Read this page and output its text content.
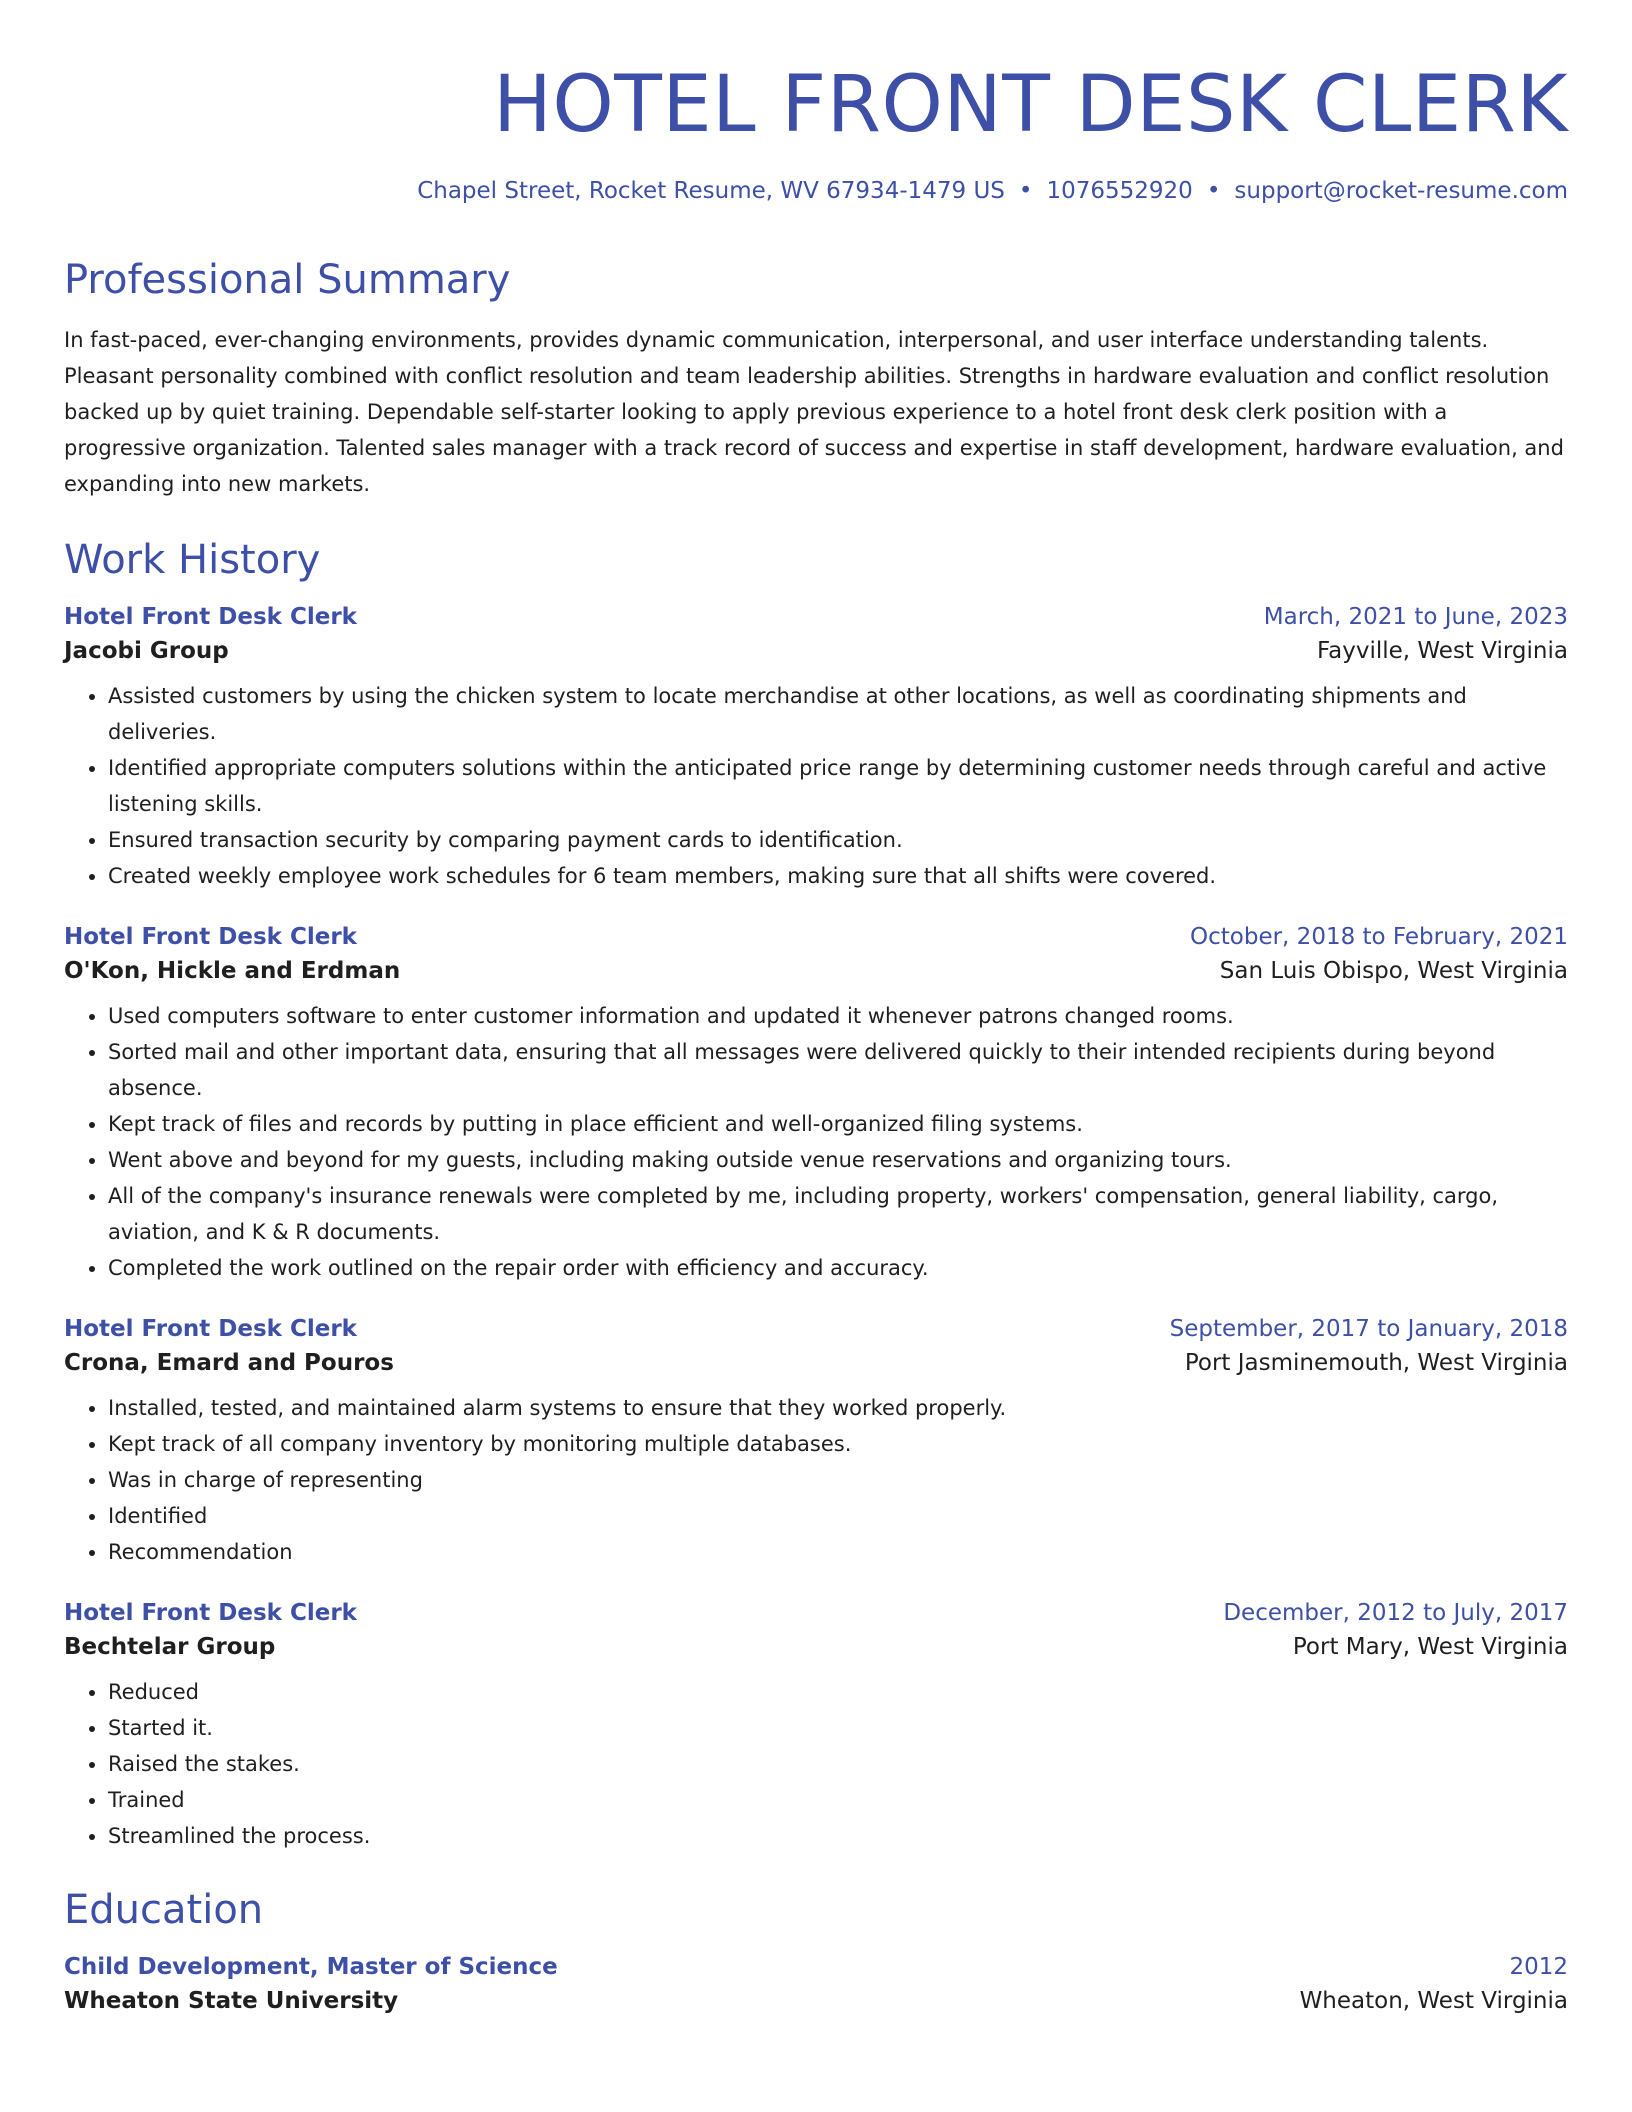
HOTEL FRONT DESK CLERK
Chapel Street, Rocket Resume, WV 67934-1479 US • 1076552920 • support@rocket-resume.com
Professional Summary

In fast-paced, ever-changing environments, provides dynamic communication, interpersonal, and user interface understanding talents. Pleasant personality combined with conflict resolution and team leadership abilities. Strengths in hardware evaluation and conflict resolution backed up by quiet training. Dependable self-starter looking to apply previous experience to a hotel front desk clerk position with a progressive organization. Talented sales manager with a track record of success and expertise in staff development, hardware evaluation, and expanding into new markets.

Work History
Hotel Front Desk Clerk	March, 2021 to June, 2023
Jacobi Group	Fayville, West Virginia
• Assisted customers by using the chicken system to locate merchandise at other locations, as well as coordinating shipments and deliveries.
• Identified appropriate computers solutions within the anticipated price range by determining customer needs through careful and active listening skills.
• Ensured transaction security by comparing payment cards to identification.
• Created weekly employee work schedules for 6 team members, making sure that all shifts were covered.
Hotel Front Desk Clerk	October, 2018 to February, 2021
O'Kon, Hickle and Erdman	San Luis Obispo, West Virginia
• Used computers software to enter customer information and updated it whenever patrons changed rooms.
• Sorted mail and other important data, ensuring that all messages were delivered quickly to their intended recipients during beyond absence.
• Kept track of files and records by putting in place efficient and well-organized filing systems.
• Went above and beyond for my guests, including making outside venue reservations and organizing tours.
• All of the company's insurance renewals were completed by me, including property, workers' compensation, general liability, cargo, aviation, and K & R documents.
• Completed the work outlined on the repair order with efficiency and accuracy.
Hotel Front Desk Clerk	September, 2017 to January, 2018
Crona, Emard and Pouros	Port Jasminemouth, West Virginia
• Installed, tested, and maintained alarm systems to ensure that they worked properly.
• Kept track of all company inventory by monitoring multiple databases.
• Was in charge of representing
• Identified
• Recommendation
Hotel Front Desk Clerk	December, 2012 to July, 2017
Bechtelar Group	Port Mary, West Virginia
• Reduced
• Started it.
• Raised the stakes.
• Trained
• Streamlined the process.
Education
Child Development, Master of Science	2012
Wheaton State University	Wheaton, West Virginia
